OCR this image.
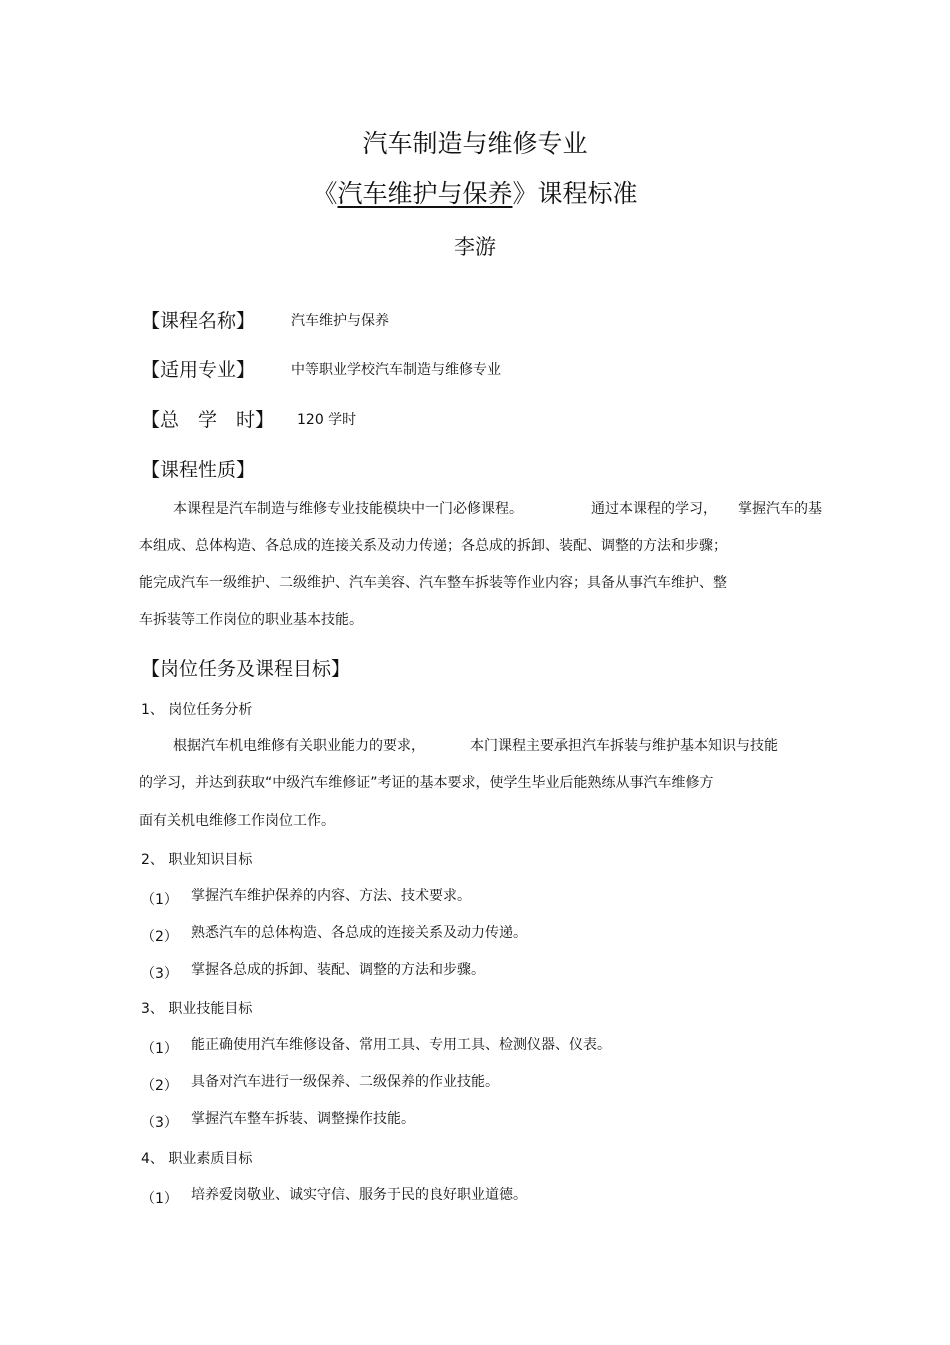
汽车制造与维修专业
《汽车维护与保养》课程标准
李游
【课程名称】	汽车维护与保养
【适用专业】	中等职业学校汽车制造与维修专业
【总　学　时】 120 学时
【课程性质】
本课程是汽车制造与维修专业技能模块中一门必修课程。	通过本课程的学习， 掌握汽车的基
本组成、总体构造、各总成的连接关系及动力传递；各总成的拆卸、装配、调整的方法和步骤；
能完成汽车一级维护、二级维护、汽车美容、汽车整车拆装等作业内容；具备从事汽车维护、整
车拆装等工作岗位的职业基本技能。
【岗位任务及课程目标】
1、 岗位任务分析
根据汽车机电维修有关职业能力的要求，	本门课程主要承担汽车拆装与维护基本知识与技能
的学习，并达到获取“中级汽车维修证”考证的基本要求，使学生毕业后能熟练从事汽车维修方
面有关机电维修工作岗位工作。
2、 职业知识目标
（1） 掌握汽车维护保养的内容、方法、技术要求。
（2） 熟悉汽车的总体构造、各总成的连接关系及动力传递。
（3） 掌握各总成的拆卸、装配、调整的方法和步骤。
3、 职业技能目标
（1） 能正确使用汽车维修设备、常用工具、专用工具、检测仪器、仪表。
（2） 具备对汽车进行一级保养、二级保养的作业技能。
（3） 掌握汽车整车拆装、调整操作技能。
4、 职业素质目标
（1） 培养爱岗敬业、诚实守信、服务于民的良好职业道德。
